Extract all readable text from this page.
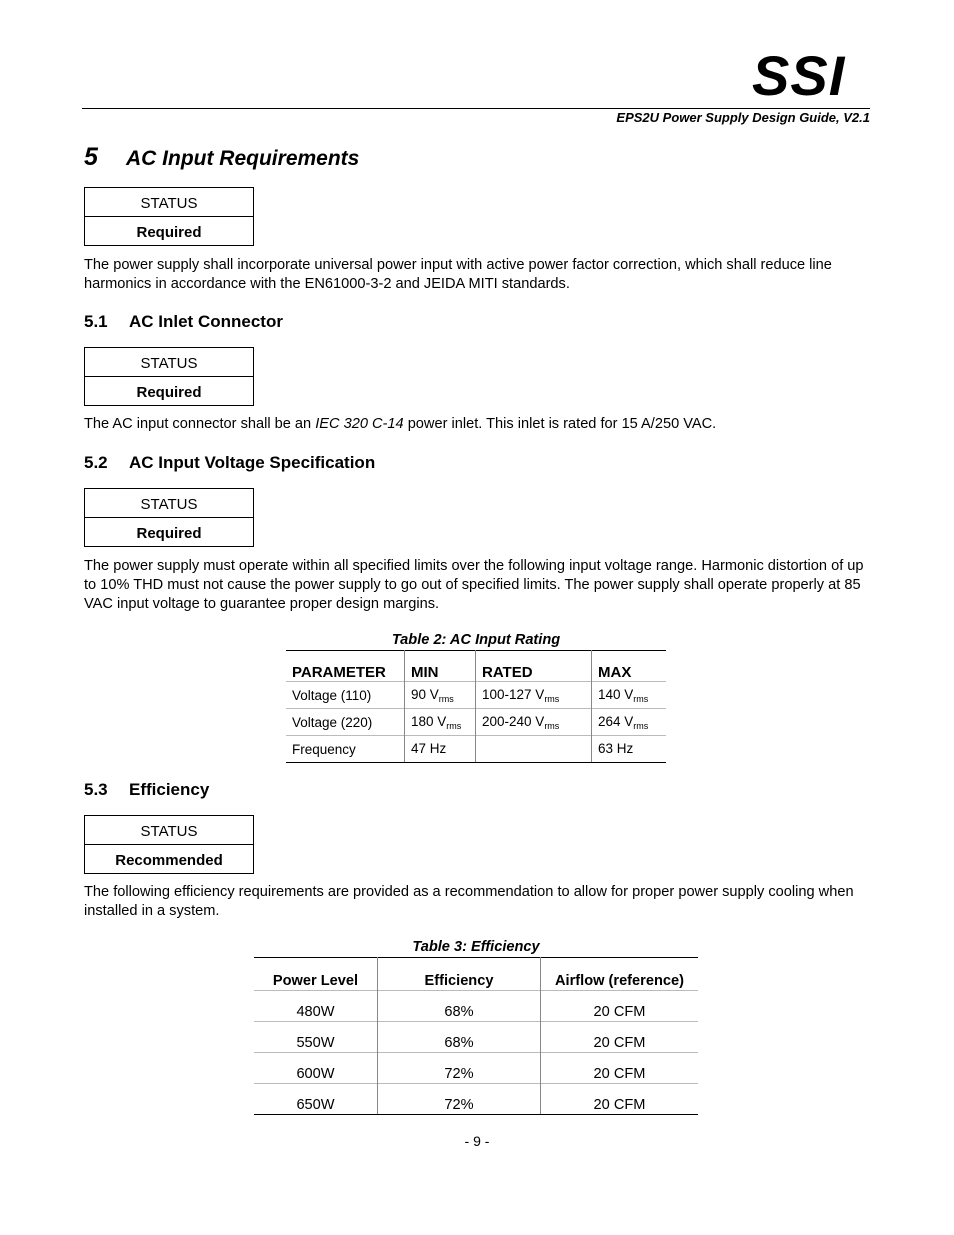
SSI
EPS2U Power Supply Design Guide, V2.1
5 AC Input Requirements
STATUS
Required
The power supply shall incorporate universal power input with active power factor correction, which shall reduce line harmonics in accordance with the EN61000-3-2 and JEIDA MITI standards.
5.1 AC Inlet Connector
STATUS
Required
The AC input connector shall be an IEC 320 C-14 power inlet. This inlet is rated for 15 A/250 VAC.
5.2 AC Input Voltage Specification
STATUS
Required
The power supply must operate within all specified limits over the following input voltage range. Harmonic distortion of up to 10% THD must not cause the power supply to go out of specified limits. The power supply shall operate properly at 85 VAC input voltage to guarantee proper design margins.
Table 2: AC Input Rating
PARAMETER	MIN	RATED	MAX
Voltage (110)	90 $V_{rms}$	100-127 $V_{rms}$	140 $V_{rms}$
Voltage (220)	180 $V_{rms}$	200-240 $V_{rms}$	264 $V_{rms}$
Frequency	47 Hz		63 Hz
5.3 Efficiency
STATUS
Recommended
The following efficiency requirements are provided as a recommendation to allow for proper power supply cooling when installed in a system.
Table 3: Efficiency
Power Level	Efficiency	Airflow (reference)
480W	68%	20 CFM
550W	68%	20 CFM
600W	72%	20 CFM
650W	72%	20 CFM
- 9 -
